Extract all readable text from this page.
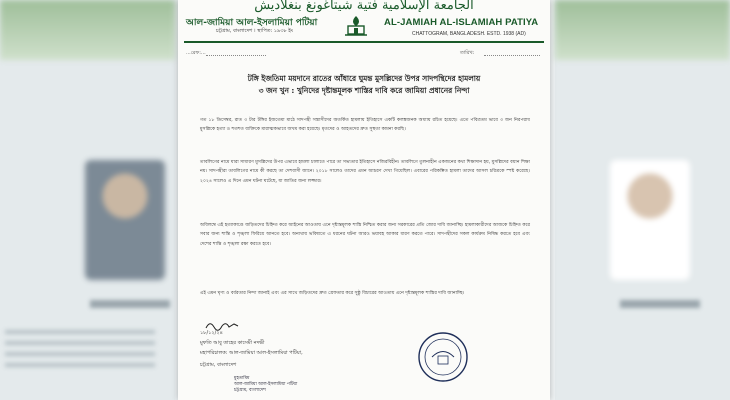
الجامعة الإسلامية فتية شيتاغونغ بنغلاديش
আল-জামিয়া আল-ইসলামিয়া পটিয়া
চট্টগ্রাম, বাংলাদেশ । স্থাপিত: ১৯৩৮ ইং
AL-JAMIAH AL-ISLAMIAH PATIYA
CHATTOGRAM, BANGLADESH. ESTD. 1938 (AD)
...রেফ:...	তারিখ:
টঙ্গি ইজতিমা ময়দানে রাতের আঁধারে ঘুমন্ত মুসল্লিদের উপর সাদপন্থিদের হামলায়
৩ জন খুন : খুনিদের দৃষ্টান্তমূলক শাস্তির দাবি করে জামিয়া প্রধানের নিন্দা
গত ১৮ ডিসেম্বর, রাত ৩ টার টঙ্গির ইজতেমা মাঠে সাদপন্থী সন্ত্রাসীদের অতর্কিত হামলায় ইতিহাসে একটি কলঙ্কজনক অধ্যায় রচিত হয়েছে। এতে পবিত্রতম ভাবে ৩ জন নিরপরাধ মুসল্লিকে হত্যা ও শতশত ব্যক্তিকে মারাত্মকভাবে জখম করা হয়েছে। মৃতদের ও আহতদের দ্রুত সুস্থতা কামনা করছি।
তাবলিগের নামে যারা সাধারণ মুসল্লিদের উপর এভাবে হামলা চালাতে পারে তা সভ্যতার ইতিহাসে নজিরবিহীন। তাবলিগে তুলনাহীন একজনের কথা শিক্ষাদান হয়, মুসল্লিদের বয়ান শিক্ষা নয়। সাদপন্থীরা তাবলিগের নামে কী করছে তা দেশবাসী জানে। ২০১৮ সালেও তাদের এমন আচরণ দেখা গিয়েছিল। এবারের পরিকল্পিত হামলা তাদের আসল চরিত্রকে স্পষ্ট করেছে। ২০২৪ সালেও এ দিনে এমন ঘটনা ঘটেছে, যা জাতির জন্য লজ্জার।
অবিলম্বে এই হত্যাকাণ্ডে জড়িতদের চিহ্নিত করে আইনের আওতায় এনে দৃষ্টান্তমূলক শাস্তি নিশ্চিত করার জন্য সরকারের প্রতি জোর দাবি জানাচ্ছি। হামলাকারীদের আজকে চিহ্নিত করে সবার জন্য শান্তি ও শৃঙ্খলা ফিরিয়ে আনতে হবে। অন্যথায় ভবিষ্যতে এ ধরনের ঘটনা আরও ভয়াবহ আকার ধারণ করতে পারে। সাদপন্থীদের সকল কার্যক্রম নিষিদ্ধ করতে হবে এবং দেশের শান্তি ও শৃঙ্খলা রক্ষা করতে হবে।
এই এমন ঘৃণ্য ও বর্বরতার নিন্দা জানাই এবং এর সাথে জড়িতদের দ্রুত গ্রেফতার করে সুষ্ঠু বিচারের আওতায় এনে দৃষ্টান্তমূলক শাস্তির দাবি জানাচ্ছি।
১৮/১২/২৪
মুফতি আবু তাহের কাসেমী নদভী
মহাপরিচালক: আল-জামিয়া আল-ইসলামিয়া পটিয়া,
চট্টগ্রাম, বাংলাদেশ
মুহতামিম
আল-জামিয়া আল-ইসলামিয়া পটিয়া
চট্টগ্রাম, বাংলাদেশ
